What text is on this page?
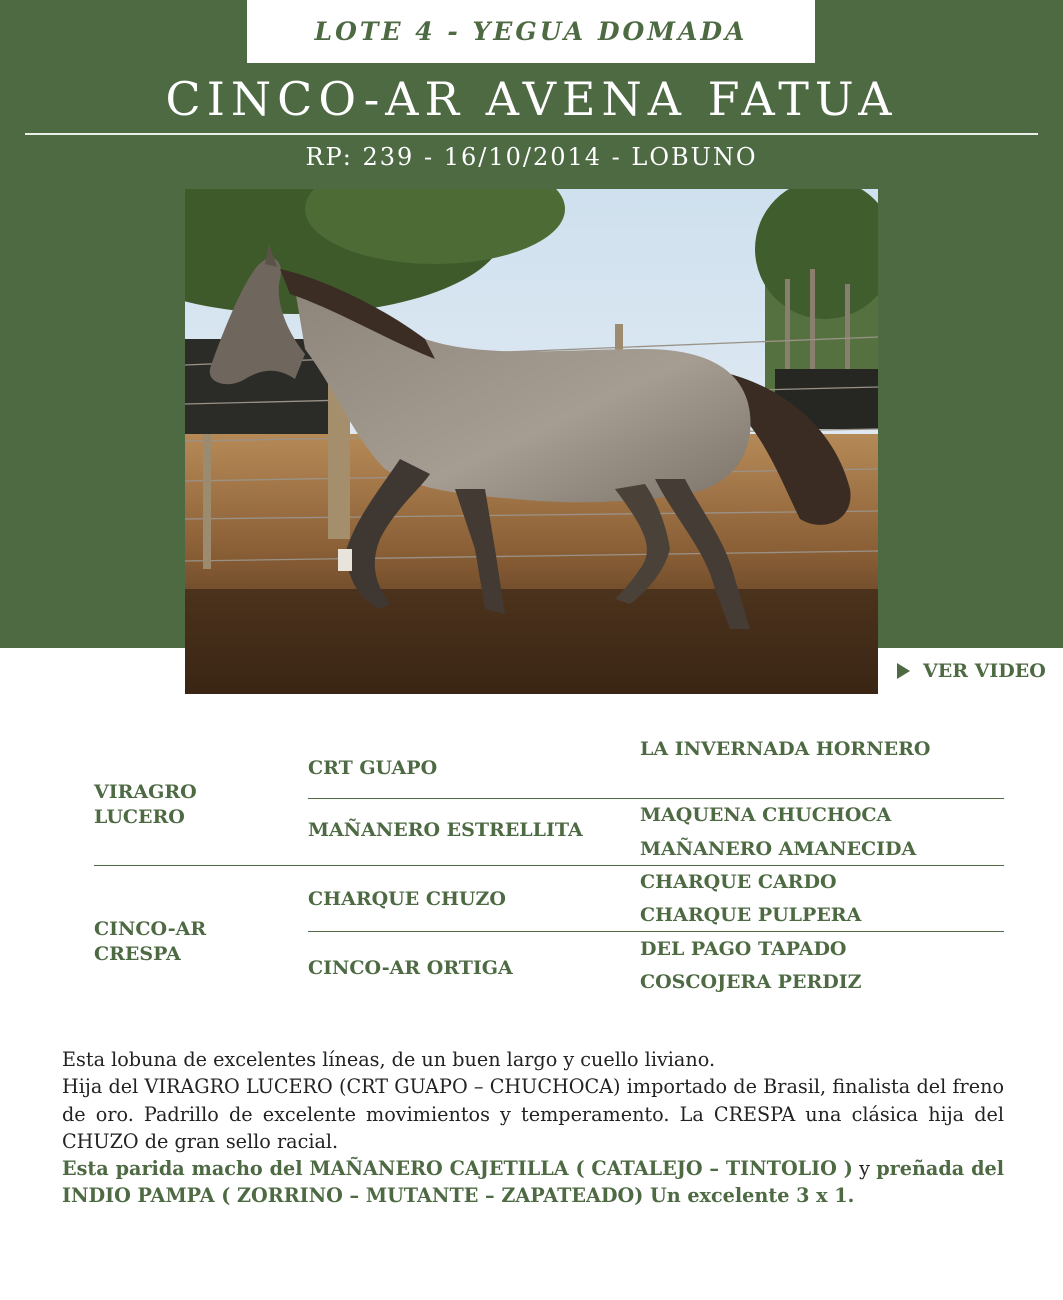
LOTE 4 - YEGUA DOMADA
CINCO-AR AVENA FATUA
RP: 239 - 16/10/2014 - LOBUNO
VER VIDEO
VIRAGRO
LUCERO
CINCO-AR
CRESPA
CRT GUAPO
MAÑANERO ESTRELLITA
CHARQUE CHUZO
CINCO-AR ORTIGA
LA INVERNADA HORNERO
MAQUENA CHUCHOCA
MAÑANERO AMANECIDA
CHARQUE CARDO
CHARQUE PULPERA
DEL PAGO TAPADO
COSCOJERA PERDIZ

Esta lobuna de excelentes líneas, de un buen largo y cuello liviano.

Hija del VIRAGRO LUCERO (CRT GUAPO – CHUCHOCA) importado de Brasil, finalista del freno de oro. Padrillo de excelente movimientos y temperamento. La CRESPA una clásica hija del CHUZO de gran sello racial.

Esta parida macho del MAÑANERO CAJETILLA ( CATALEJO – TINTOLIO ) y preñada del INDIO PAMPA ( ZORRINO – MUTANTE – ZAPATEADO) Un excelente 3 x 1.
